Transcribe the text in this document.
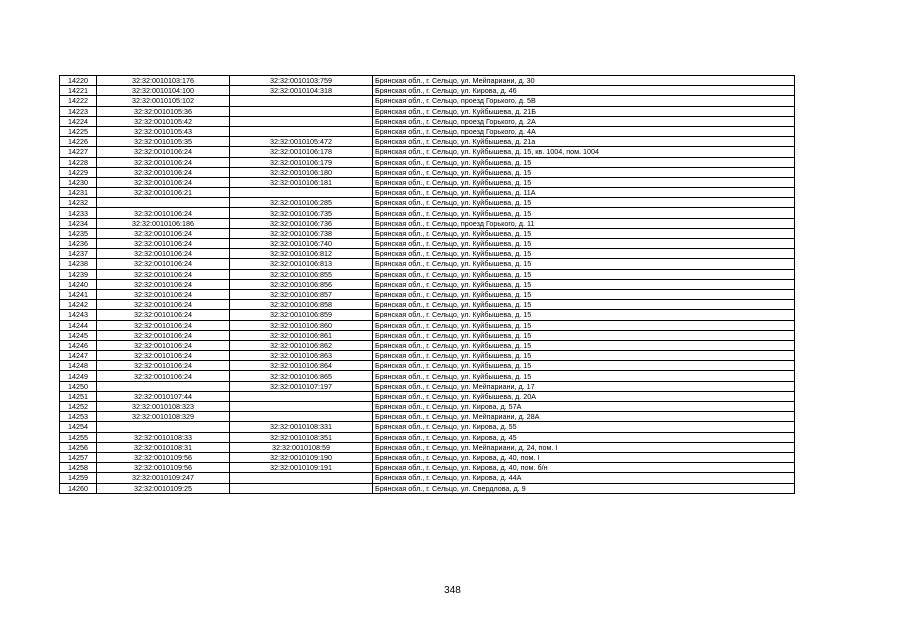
14220	32:32:0010103:176	32:32:0010103:759	Брянская обл., г. Сельцо, ул. Мейпариани, д. 30
14221	32:32:0010104:100	32:32:0010104:318	Брянская обл., г. Сельцо, ул. Кирова, д. 46
14222	32:32:0010105:102		Брянская обл., г. Сельцо, проезд Горького, д. 5В
14223	32:32:0010105:36		Брянская обл., г. Сельцо, ул. Куйбышева, д. 21Б
14224	32:32:0010105:42		Брянская обл., г. Сельцо, проезд Горького, д. 2А
14225	32:32:0010105:43		Брянская обл., г. Сельцо, проезд Горького, д. 4А
14226	32:32:0010105:35	32:32:0010105:472	Брянская обл., г. Сельцо, ул. Куйбышева, д. 21а
14227	32:32:0010106:24	32:32:0010106:178	Брянская обл., г. Сельцо, ул. Куйбышева, д. 15, кв. 1004, пом. 1004
14228	32:32:0010106:24	32:32:0010106:179	Брянская обл., г. Сельцо, ул. Куйбышева, д. 15
14229	32:32:0010106:24	32:32:0010106:180	Брянская обл., г. Сельцо, ул. Куйбышева, д. 15
14230	32:32:0010106:24	32:32:0010106:181	Брянская обл., г. Сельцо, ул. Куйбышева, д. 15
14231	32:32:0010106:21		Брянская обл., г. Сельцо, ул. Куйбышева, д. 11А
14232		32:32:0010106:285	Брянская обл., г. Сельцо, ул. Куйбышева, д. 15
14233	32:32:0010106:24	32:32:0010106:735	Брянская обл., г. Сельцо, ул. Куйбышева, д. 15
14234	32:32:0010106:186	32:32:0010106:736	Брянская обл., г. Сельцо, проезд Горького, д. 11
14235	32:32:0010106:24	32:32:0010106:738	Брянская обл., г. Сельцо, ул. Куйбышева, д. 15
14236	32:32:0010106:24	32:32:0010106:740	Брянская обл., г. Сельцо, ул. Куйбышева, д. 15
14237	32:32:0010106:24	32:32:0010106:812	Брянская обл., г. Сельцо, ул. Куйбышева, д. 15
14238	32:32:0010106:24	32:32:0010106:813	Брянская обл., г. Сельцо, ул. Куйбышева, д. 15
14239	32:32:0010106:24	32:32:0010106:855	Брянская обл., г. Сельцо, ул. Куйбышева, д. 15
14240	32:32:0010106:24	32:32:0010106:856	Брянская обл., г. Сельцо, ул. Куйбышева, д. 15
14241	32:32:0010106:24	32:32:0010106:857	Брянская обл., г. Сельцо, ул. Куйбышева, д. 15
14242	32:32:0010106:24	32:32:0010106:858	Брянская обл., г. Сельцо, ул. Куйбышева, д. 15
14243	32:32:0010106:24	32:32:0010106:859	Брянская обл., г. Сельцо, ул. Куйбышева, д. 15
14244	32:32:0010106:24	32:32:0010106:860	Брянская обл., г. Сельцо, ул. Куйбышева, д. 15
14245	32:32:0010106:24	32:32:0010106:861	Брянская обл., г. Сельцо, ул. Куйбышева, д. 15
14246	32:32:0010106:24	32:32:0010106:862	Брянская обл., г. Сельцо, ул. Куйбышева, д. 15
14247	32:32:0010106:24	32:32:0010106:863	Брянская обл., г. Сельцо, ул. Куйбышева, д. 15
14248	32:32:0010106:24	32:32:0010106:864	Брянская обл., г. Сельцо, ул. Куйбышева, д. 15
14249	32:32:0010106:24	32:32:0010106:865	Брянская обл., г. Сельцо, ул. Куйбышева, д. 15
14250		32:32:0010107:197	Брянская обл., г. Сельцо, ул. Мейпариани, д. 17
14251	32:32:0010107:44		Брянская обл., г. Сельцо, ул. Куйбышева, д. 20А
14252	32:32:0010108:323		Брянская обл., г. Сельцо, ул. Кирова, д. 57А
14253	32:32:0010108:329		Брянская обл., г. Сельцо, ул. Мейпариани, д. 28А
14254		32:32:0010108:331	Брянская обл., г. Сельцо, ул. Кирова, д. 55
14255	32:32:0010108:33	32:32:0010108:351	Брянская обл., г. Сельцо, ул. Кирова, д. 45
14256	32:32:0010108:31	32:32:0010108:59	Брянская обл., г. Сельцо, ул. Мейпариани, д. 24, пом. I
14257	32:32:0010109:56	32:32:0010109:190	Брянская обл., г. Сельцо, ул. Кирова, д. 40, пом. I
14258	32:32:0010109:56	32:32:0010109:191	Брянская обл., г. Сельцо, ул. Кирова, д. 40, пом. б/н
14259	32:32:0010109:247		Брянская обл., г. Сельцо, ул. Кирова, д. 44А
14260	32:32:0010109:25		Брянская обл., г. Сельцо, ул. Свердлова, д. 9
348
